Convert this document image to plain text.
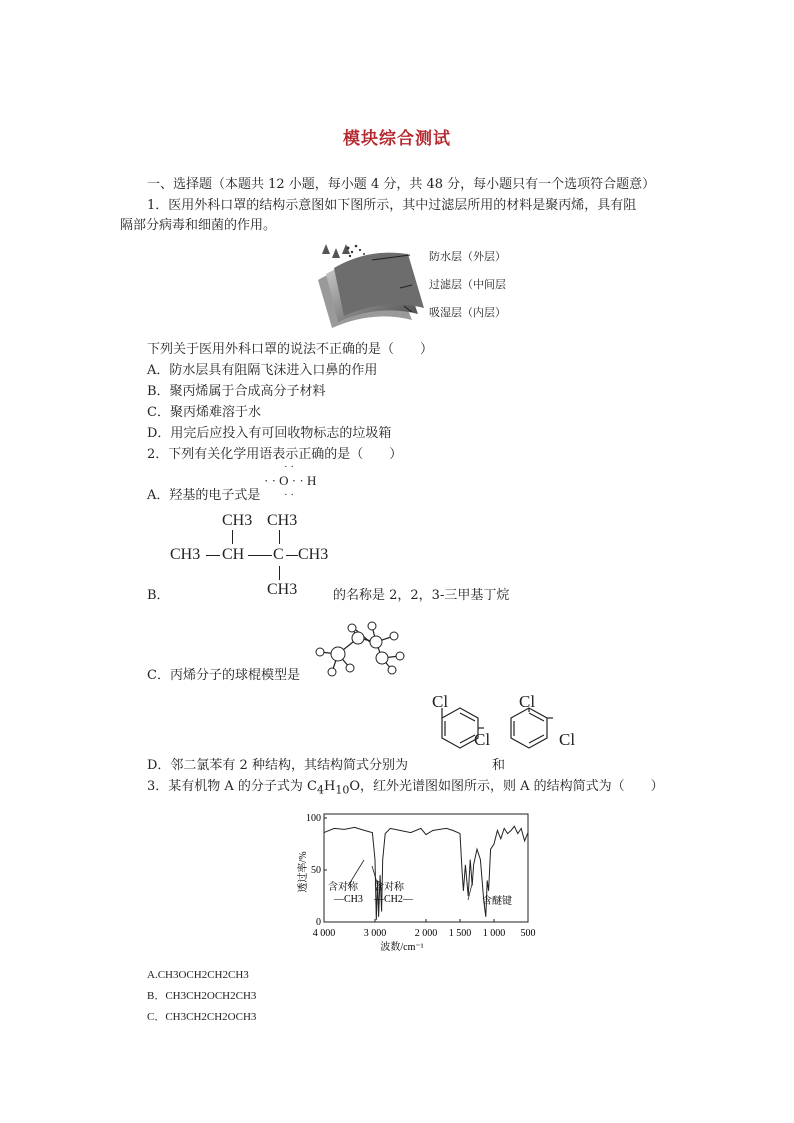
模块综合测试
一、选择题（本题共 12 小题，每小题 4 分，共 48 分，每小题只有一个选项符合题意）
1．医用外科口罩的结构示意图如下图所示，其中过滤层所用的材料是聚丙烯，具有阻
隔部分病毒和细菌的作用。
防水层（外层）
过滤层（中间层
吸湿层（内层）
下列关于医用外科口罩的说法不正确的是（　　）
A．防水层具有阻隔飞沫进入口鼻的作用
B．聚丙烯属于合成高分子材料
C．聚丙烯难溶于水
D．用完后应投入有可回收物标志的垃圾箱
2．下列有关化学用语表示正确的是（　　）
A．羟基的电子式是
· ·
· · O · · H
· ·
B．
CH3 CH3
CH3 CH C CH3
CH3	的名称是 2，2，3-三甲基丁烷
C．丙烯分子的球棍模型是
D．邻二氯苯有 2 种结构，其结构简式分别为
Cl
Cl
和
Cl
Cl
3．某有机物 A 的分子式为 $C_4H_{10}O$，红外光谱图如图所示，则 A 的结构简式为（　　）
4 000	3 000	2 000 1 500 1 000 500
100
50
0
透过率/% 含对称
—CH3
含对称
—CH2—	含醚键
波数/cm⁻¹
A.CH3OCH2CH2CH3
B．CH3CH2OCH2CH3
C．CH3CH2CH2OCH3
